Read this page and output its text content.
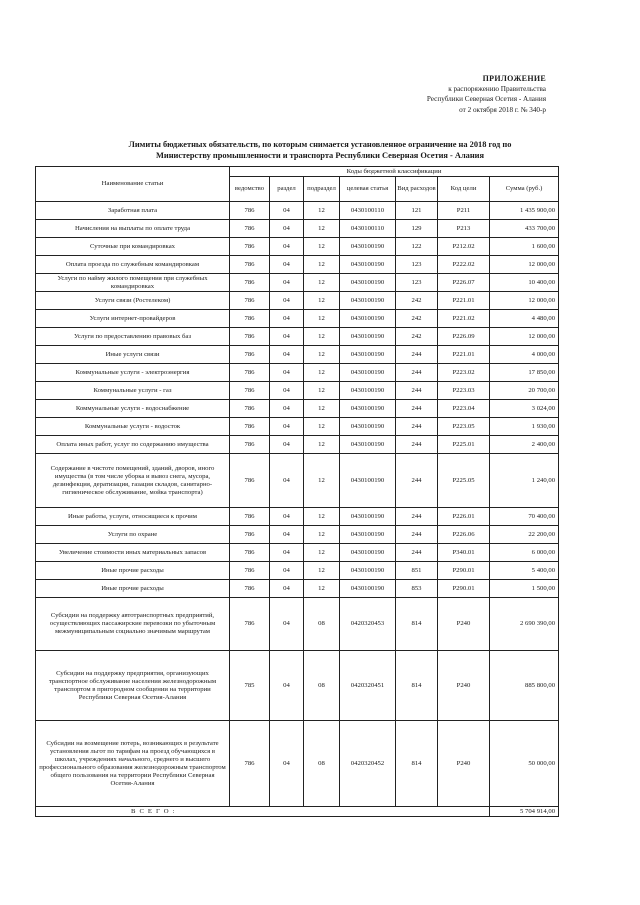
ПРИЛОЖЕНИЕ
к распоряжению Правительства
Республики Северная Осетия - Алания
от 2 октября 2018 г. № 340-р
Лимиты бюджетных обязательств, по которым снимается установленное ограничение на 2018 год по
Министерству промышленности и транспорта Республики Северная Осетия - Алания
Наименование статьи	Коды бюджетной классификации						
	ведомство	раздел	подраздел	целевая статья	Вид расходов	Код цели	Сумма (руб.)
Заработная плата	786	04	12	0430100110	121	Р211	1 435 900,00
Начисления на выплаты по оплате труда	786	04	12	0430100110	129	Р213	433 700,00
Суточные при командировках	786	04	12	0430100190	122	Р212.02	1 600,00
Оплата проезда по служебным командировкам	786	04	12	0430100190	123	Р222.02	12 000,00
Услуги по найму жилого помещения при служебных командировках	786	04	12	0430100190	123	Р226.07	10 400,00
Услуги связи (Ростелеком)	786	04	12	0430100190	242	Р221.01	12 000,00
Услуги интернет-провайдеров	786	04	12	0430100190	242	Р221.02	4 480,00
Услуги по предоставлению правовых баз	786	04	12	0430100190	242	Р226.09	12 000,00
Иные услуги связи	786	04	12	0430100190	244	Р221.01	4 000,00
Коммунальные услуги - электроэнергия	786	04	12	0430100190	244	Р223.02	17 850,00
Коммунальные услуги - газ	786	04	12	0430100190	244	Р223.03	20 700,00
Коммунальные услуги - водоснабжение	786	04	12	0430100190	244	Р223.04	3 024,00
Коммунальные услуги - водосток	786	04	12	0430100190	244	Р223.05	1 930,00
Оплата иных работ, услуг по содержанию имущества	786	04	12	0430100190	244	Р225.01	2 400,00
Содержание в чистоте помещений, зданий, дворов, иного имущества (в том числе уборка и вывоз снега, мусора, дезинфекция, дератизация, газация складов, санитарно-гигиеническое обслуживание, мойка транспорта)	786	04	12	0430100190	244	Р225.05	1 240,00
Иные работы, услуги, относящиеся к прочим	786	04	12	0430100190	244	Р226.01	70 400,00
Услуги по охране	786	04	12	0430100190	244	Р226.06	22 200,00
Увеличение стоимости иных материальных запасов	786	04	12	0430100190	244	Р340.01	6 000,00
Иные прочие расходы	786	04	12	0430100190	851	Р290.01	5 400,00
Иные прочие расходы	786	04	12	0430100190	853	Р290.01	1 500,00
Субсидии на поддержку автотранспортных предприятий, осуществляющих пассажирские перевозки по убыточным межмуниципальным социально значимым маршрутам	786	04	08	0420320453	814	Р240	2 690 390,00
Субсидии на поддержку предприятия, организующих транспортное обслуживание населения железнодорожным транспортом в пригородном сообщении на территории Республики Северная Осетия-Алания	785	04	08	0420320451	814	Р240	885 800,00
Субсидии на возмещение потерь, возникающих в результате установления льгот по тарифам на проезд обучающихся в школах, учреждениях начального, среднего и высшего профессионального образования железнодорожным транспортом общего пользования на территории Республики Северная Осетия-Алания	786	04	08	0420320452	814	Р240	50 000,00
ВСЕГО:							5 704 914,00
